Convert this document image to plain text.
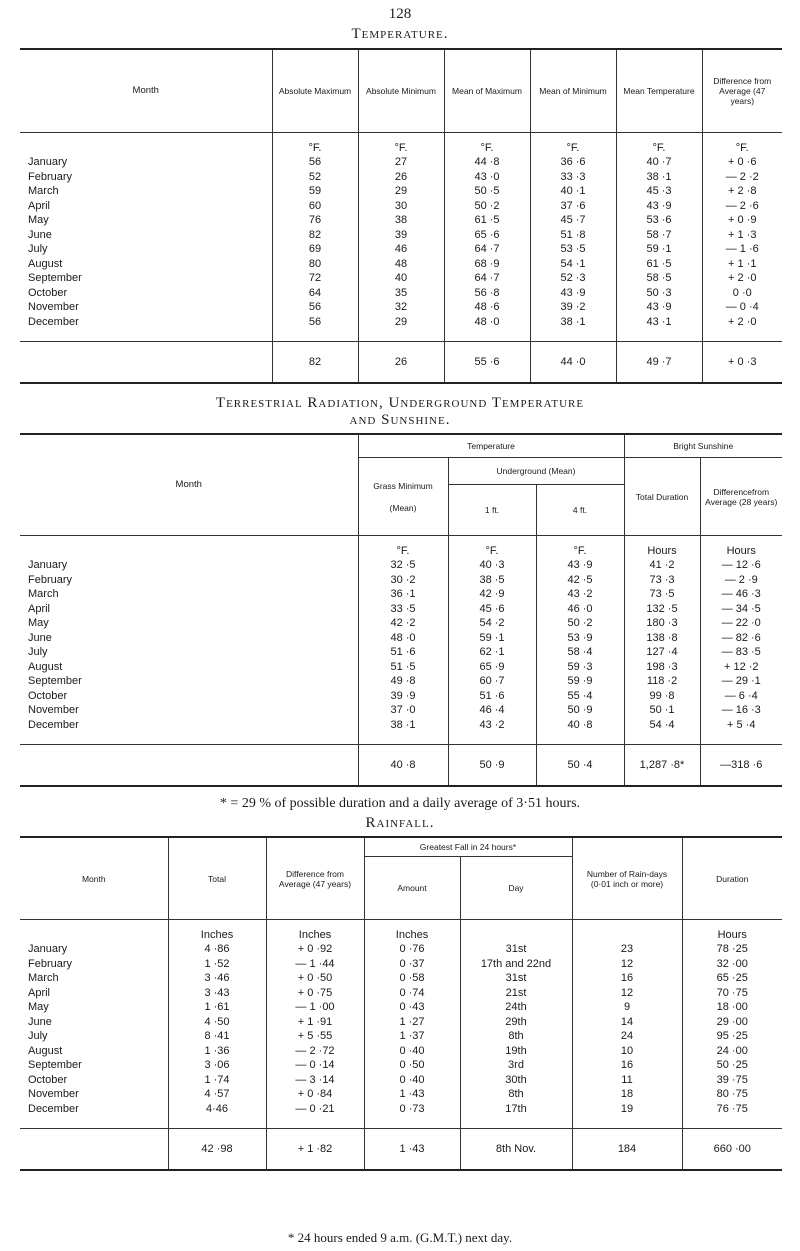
128
Temperature.
Month	Absolute Maximum	Absolute Minimum	Mean of Maximum	Mean of Minimum	Mean Temperature	Difference from Average (47 years)
	°F.	°F.	°F.	°F.	°F.	°F.
January	56	27	44 ·8	36 ·6	40 ·7	+ 0 ·6
February	52	26	43 ·0	33 ·3	38 ·1	— 2 ·2
March	59	29	50 ·5	40 ·1	45 ·3	+ 2 ·8
April	60	30	50 ·2	37 ·6	43 ·9	— 2 ·6
May	76	38	61 ·5	45 ·7	53 ·6	+ 0 ·9
June	82	39	65 ·6	51 ·8	58 ·7	+ 1 ·3
July	69	46	64 ·7	53 ·5	59 ·1	— 1 ·6
August	80	48	68 ·9	54 ·1	61 ·5	+ 1 ·1
September	72	40	64 ·7	52 ·3	58 ·5	+ 2 ·0
October	64	35	56 ·8	43 ·9	50 ·3	0 ·0
November	56	32	48 ·6	39 ·2	43 ·9	— 0 ·4
December	56	29	48 ·0	38 ·1	43 ·1	+ 2 ·0

	82	26	55 ·6	44 ·0	49 ·7	+ 0 ·3
Terrestrial Radiation, Underground Temperature
and Sunshine.
Month	Temperature			Bright Sunshine	

	Grass Minimum
(Mean)	Underground (Mean)		Total Duration	Differencefrom Average (28 years)
		1 ft.	4 ft.		
	°F.	°F.	°F.	Hours	Hours
January	32 ·5	40 ·3	43 ·9	41 ·2	— 12 ·6
February	30 ·2	38 ·5	42 ·5	73 ·3	— 2 ·9
March	36 ·1	42 ·9	43 ·2	73 ·5	— 46 ·3
April	33 ·5	45 ·6	46 ·0	132 ·5	— 34 ·5
May	42 ·2	54 ·2	50 ·2	180 ·3	— 22 ·0
June	48 ·0	59 ·1	53 ·9	138 ·8	— 82 ·6
July	51 ·6	62 ·1	58 ·4	127 ·4	— 83 ·5
August	51 ·5	65 ·9	59 ·3	198 ·3	+ 12 ·2
September	49 ·8	60 ·7	59 ·9	118 ·2	— 29 ·1
October	39 ·9	51 ·6	55 ·4	99 ·8	— 6 ·4
November	37 ·0	46 ·4	50 ·9	50 ·1	— 16 ·3
December	38 ·1	43 ·2	40 ·8	54 ·4	+ 5 ·4

	40 ·8	50 ·9	50 ·4	1,287 ·8*	—318 ·6
* = 29 % of possible duration and a daily average of 3·51 hours.
Rainfall.
Month	Total	Difference from Average (47 years)	Greatest Fall in 24 hours*		Number of Rain-days (0·01 inch or more)	Duration
			Amount	Day		
	Inches	Inches	Inches			Hours
January	4 ·86	+ 0 ·92	0 ·76	31st	23	78 ·25
February	1 ·52	— 1 ·44	0 ·37	17th and 22nd	12	32 ·00
March	3 ·46	+ 0 ·50	0 ·58	31st	16	65 ·25
April	3 ·43	+ 0 ·75	0 ·74	21st	12	70 ·75
May	1 ·61	— 1 ·00	0 ·43	24th	9	18 ·00
June	4 ·50	+ 1 ·91	1 ·27	29th	14	29 ·00
July	8 ·41	+ 5 ·55	1 ·37	8th	24	95 ·25
August	1 ·36	— 2 ·72	0 ·40	19th	10	24 ·00
September	3 ·06	— 0 ·14	0 ·50	3rd	16	50 ·25
October	1 ·74	— 3 ·14	0 ·40	30th	11	39 ·75
November	4 ·57	+ 0 ·84	1 ·43	8th	18	80 ·75
December	4·46	— 0 ·21	0 ·73	17th	19	76 ·75

	42 ·98	+ 1 ·82	1 ·43	8th Nov.	184	660 ·00
* 24 hours ended 9 a.m. (G.M.T.) next day.
